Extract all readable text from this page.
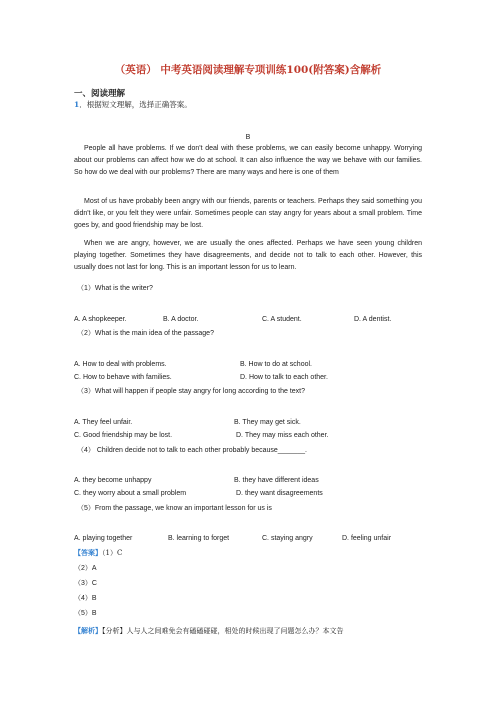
（英语） 中考英语阅读理解专项训练100(附答案)含解析
一、阅读理解
1．根据短文理解，选择正确答案。
B
People all have problems. If we don't deal with these problems, we can easily become unhappy. Worrying about our problems can affect how we do at school. It can also influence the way we behave with our families. So how do we deal with our problems? There are many ways and here is one of them
Most of us have probably been angry with our friends, parents or teachers. Perhaps they said something you didn't like, or you felt they were unfair. Sometimes people can stay angry for years about a small problem. Time goes by, and good friendship may be lost.
When we are angry, however, we are usually the ones affected. Perhaps we have seen young children playing together. Sometimes they have disagreements, and decide not to talk to each other. However, this usually does not last for long. This is an important lesson for us to learn.
（1）What is the writer?
A. A shopkeeper.	B. A doctor.	C. A student.	D. A dentist.
（2）What is the main idea of the passage?
A. How to deal with problems.	B. How to do at school.
C. How to behave with families.	D. How to talk to each other.
（3）What will happen if people stay angry for long according to the text?
A. They feel unfair.	B. They may get sick.
C. Good friendship may be lost.	D. They may miss each other.
（4） Children decide not to talk to each other probably because_______.
A. they become unhappy	B. they have different ideas
C. they worry about a small problem	D. they want disagreements
（5）From the passage, we know an important lesson for us is
A. playing together	B. learning to forget	C. staying angry	D. feeling unfair
【答案】（1）C
（2）A
（3）C
（4）B
（5）B
【解析】【分析】人与人之间难免会有磕磕碰碰，相处的时候出现了问题怎么办？本文告
